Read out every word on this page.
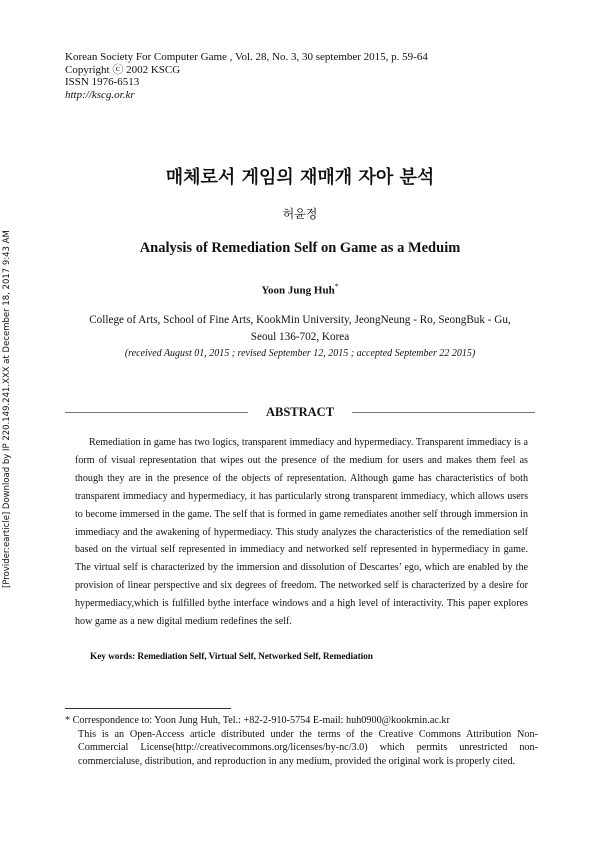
Korean Society For Computer Game , Vol. 28, No. 3, 30 september 2015, p. 59-64
Copyright ⓒ 2002 KSCG
ISSN 1976-6513
http://kscg.or.kr
[Provider:earticle] Download by IP 220.149.241.XXX at December 18, 2017 9:43 AM
매체로서 게임의 재매개 자아 분석
허윤정
Analysis of Remediation Self on Game as a Meduim
Yoon Jung Huh*
College of Arts, School of Fine Arts, KookMin University, JeongNeung - Ro, SeongBuk - Gu,
Seoul 136-702, Korea
(received August 01, 2015 ; revised September 12, 2015 ; accepted September 22 2015)
ABSTRACT
Remediation in game has two logics, transparent immediacy and hypermediacy. Transparent immediacy is a form of visual representation that wipes out the presence of the medium for users and makes them feel as though they are in the presence of the objects of representation. Although game has characteristics of both transparent immediacy and hypermediacy, it has particularly strong transparent immediacy, which allows users to become immersed in the game. The self that is formed in game remediates another self through immersion in immediacy and the awakening of hypermediacy. This study analyzes the characteristics of the remediation self based on the virtual self represented in immediacy and networked self represented in hypermediacy in game. The virtual self is characterized by the immersion and dissolution of Descartes’ ego, which are enabled by the provision of linear perspective and six degrees of freedom. The networked self is characterized by a desire for hypermediacy,which is fulfilled bythe interface windows and a high level of interactivity. This paper explores how game as a new digital medium redefines the self.
Key words: Remediation Self, Virtual Self, Networked Self, Remediation
* Correspondence to: Yoon Jung Huh, Tel.: +82-2-910-5754 E-mail: huh0900@kookmin.ac.kr
This is an Open-Access article distributed under the terms of the Creative Commons Attribution Non-Commercial License(http://creativecommons.org/licenses/by-nc/3.0) which permits unrestricted non-commercialuse, distribution, and reproduction in any medium, provided the original work is properly cited.
